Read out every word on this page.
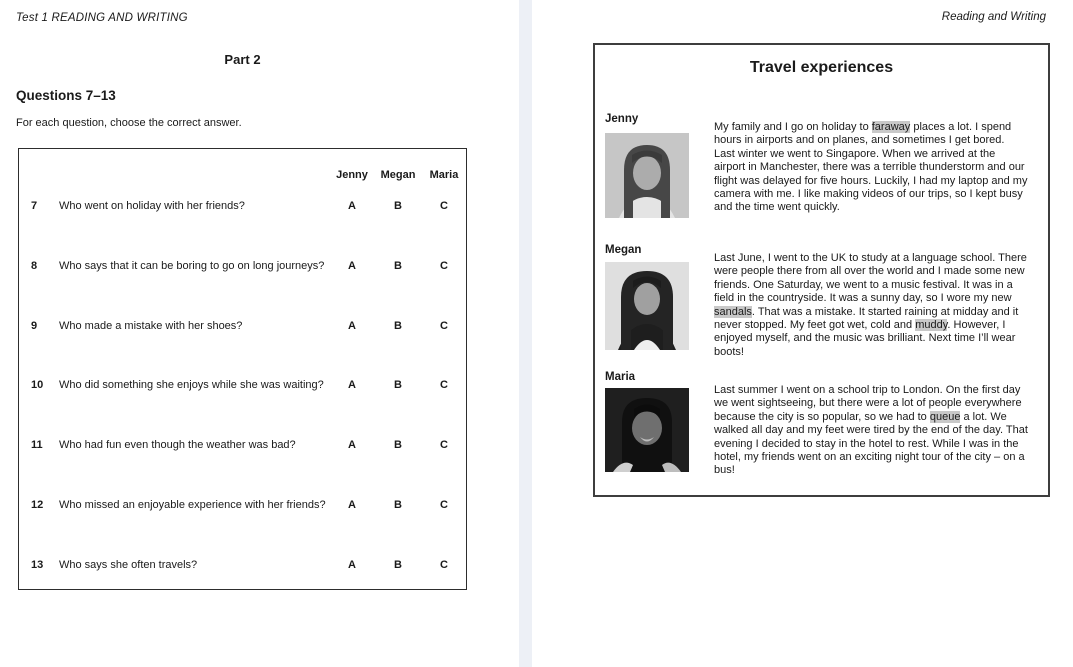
Test 1 READING AND WRITING
Part 2
Questions 7–13
For each question, choose the correct answer.
Jenny	Megan	Maria
7 Who went on holiday with her friends?	A	B	C
8 Who says that it can be boring to go on long journeys?	A	B	C
9 Who made a mistake with her shoes?	A	B	C
10 Who did something she enjoys while she was waiting?	A	B	C
11 Who had fun even though the weather was bad?	A	B	C
12 Who missed an enjoyable experience with her friends?	A	B	C
13 Who says she often travels?	A	B	C
Reading and Writing
Travel experiences
Jenny
My family and I go on holiday to faraway places a lot. I spend hours in airports and on planes, and sometimes I get bored. Last winter we went to Singapore. When we arrived at the airport in Manchester, there was a terrible thunderstorm and our flight was delayed for five hours. Luckily, I had my laptop and my camera with me. I like making videos of our trips, so I kept busy and the time went quickly.
Megan
Last June, I went to the UK to study at a language school. There were people there from all over the world and I made some new friends. One Saturday, we went to a music festival. It was in a field in the countryside. It was a sunny day, so I wore my new sandals. That was a mistake. It started raining at midday and it never stopped. My feet got wet, cold and muddy. However, I enjoyed myself, and the music was brilliant. Next time I’ll wear boots!
Maria
Last summer I went on a school trip to London. On the first day we went sightseeing, but there were a lot of people everywhere because the city is so popular, so we had to queue a lot. We walked all day and my feet were tired by the end of the day. That evening I decided to stay in the hotel to rest. While I was in the hotel, my friends went on an exciting night tour of the city – on a bus!
